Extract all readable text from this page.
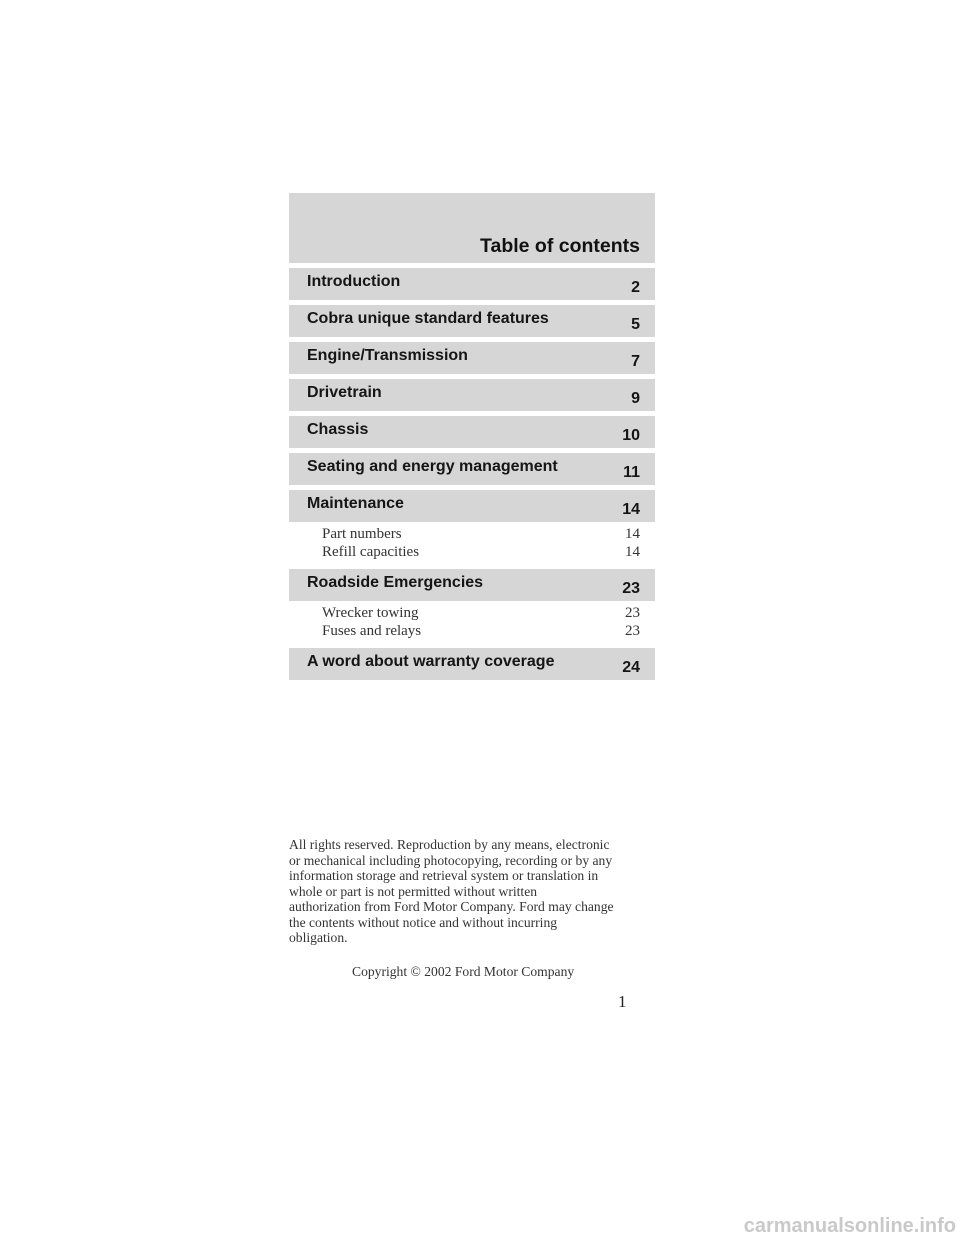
Table of contents
Introduction	2
Cobra unique standard features	5
Engine/Transmission	7
Drivetrain	9
Chassis	10
Seating and energy management	11
Maintenance	14
Part numbers	14
Refill capacities	14
Roadside Emergencies	23
Wrecker towing	23
Fuses and relays	23
A word about warranty coverage	24
All rights reserved. Reproduction by any means, electronic
or mechanical including photocopying, recording or by any
information storage and retrieval system or translation in
whole or part is not permitted without written
authorization from Ford Motor Company. Ford may change
the contents without notice and without incurring
obligation.
Copyright © 2002 Ford Motor Company
1
carmanualsonline.info
